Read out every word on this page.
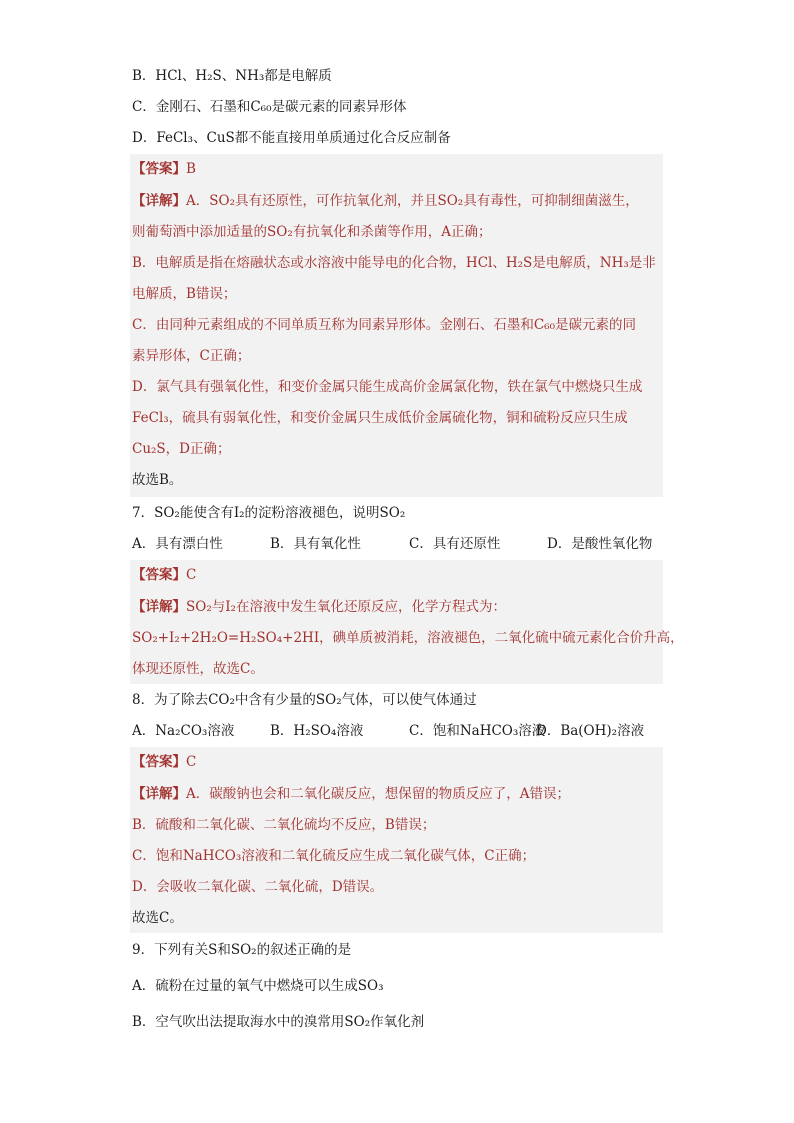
B．HCl、H₂S、NH₃都是电解质
C．金刚石、石墨和C₆₀是碳元素的同素异形体
D．FeCl₃、CuS都不能直接用单质通过化合反应制备
【答案】B
【详解】A．SO₂具有还原性，可作抗氧化剂，并且SO₂具有毒性，可抑制细菌滋生，
则葡萄酒中添加适量的SO₂有抗氧化和杀菌等作用，A正确；
B．电解质是指在熔融状态或水溶液中能导电的化合物，HCl、H₂S是电解质，NH₃是非
电解质，B错误；
C．由同种元素组成的不同单质互称为同素异形体。金刚石、石墨和C₆₀是碳元素的同
素异形体，C正确；
D．氯气具有强氧化性，和变价金属只能生成高价金属氯化物，铁在氯气中燃烧只生成
FeCl₃，硫具有弱氧化性，和变价金属只生成低价金属硫化物，铜和硫粉反应只生成
Cu₂S，D正确；
故选B。
7．SO₂能使含有I₂的淀粉溶液褪色，说明SO₂
A．具有漂白性	B．具有氧化性	C．具有还原性	D．是酸性氧化物
【答案】C
【详解】SO₂与I₂在溶液中发生氧化还原反应，化学方程式为：
SO₂+I₂+2H₂O=H₂SO₄+2HI，碘单质被消耗，溶液褪色，二氧化硫中硫元素化合价升高，
体现还原性，故选C。
8．为了除去CO₂中含有少量的SO₂气体，可以使气体通过
A．Na₂CO₃溶液	B．H₂SO₄溶液	C．饱和NaHCO₃溶液
D．Ba(OH)₂溶液
【答案】C
【详解】A．碳酸钠也会和二氧化碳反应，想保留的物质反应了，A错误；
B．硫酸和二氧化碳、二氧化硫均不反应，B错误；
C．饱和NaHCO₃溶液和二氧化硫反应生成二氧化碳气体，C正确；
D．会吸收二氧化碳、二氧化硫，D错误。
故选C。
9．下列有关S和SO₂的叙述正确的是
A．硫粉在过量的氧气中燃烧可以生成SO₃
B．空气吹出法提取海水中的溴常用SO₂作氧化剂
